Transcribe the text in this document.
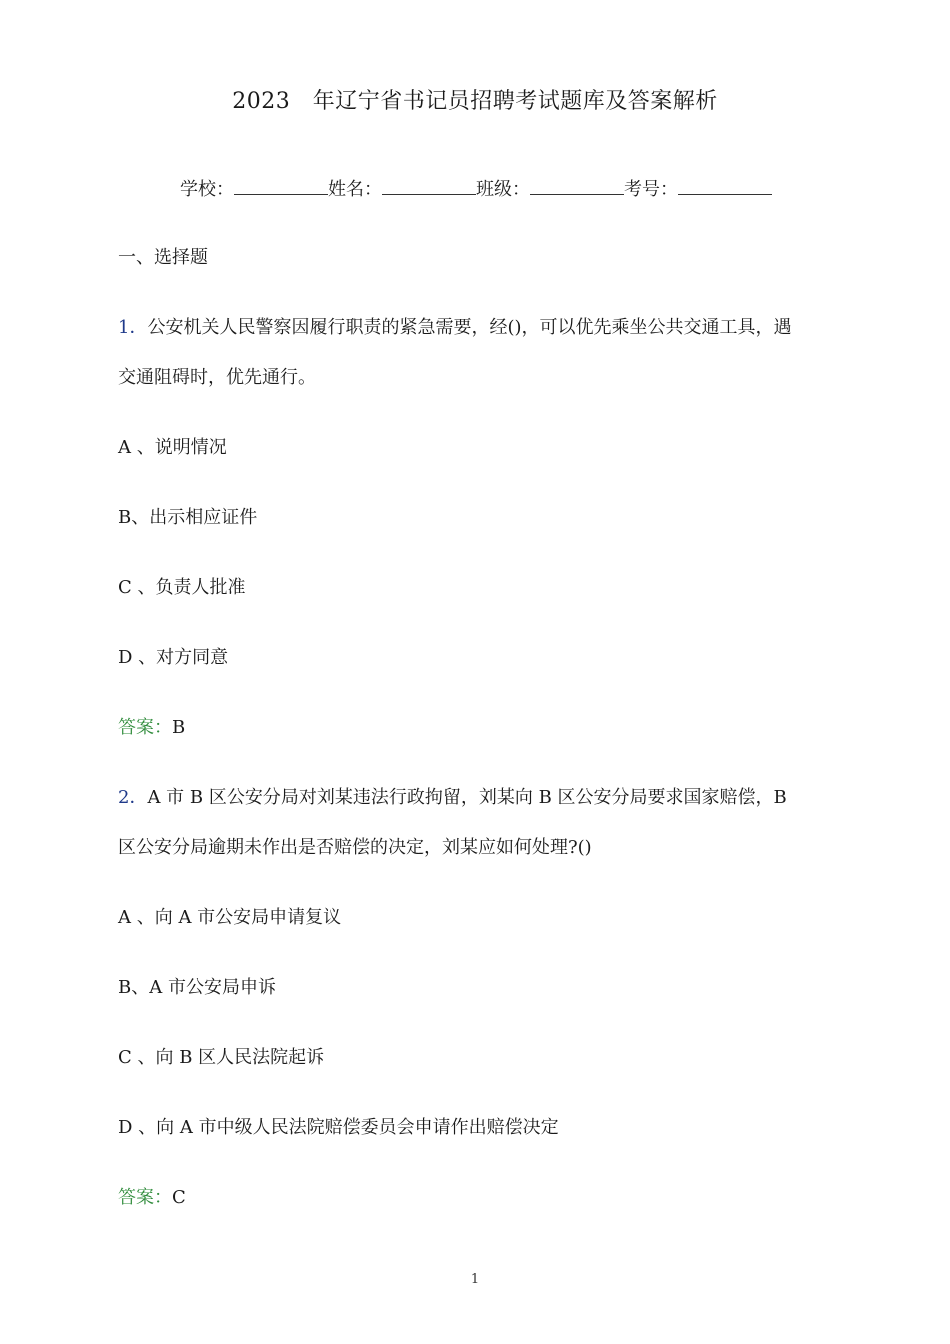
2023　年辽宁省书记员招聘考试题库及答案解析
学校：	姓名：	班级：	考号：
一、选择题
1．公安机关人民警察因履行职责的紧急需要，经()，可以优先乘坐公共交通工具，遇
交通阻碍时，优先通行。
A 、说明情况
B、出示相应证件
C 、负责人批准
D 、对方同意
答案：B
2．A 市 B 区公安分局对刘某违法行政拘留，刘某向 B 区公安分局要求国家赔偿，B
区公安分局逾期未作出是否赔偿的决定，刘某应如何处理?()
A 、向 A 市公安局申请复议
B、A 市公安局申诉
C 、向 B 区人民法院起诉
D 、向 A 市中级人民法院赔偿委员会申请作出赔偿决定
答案：C
1
